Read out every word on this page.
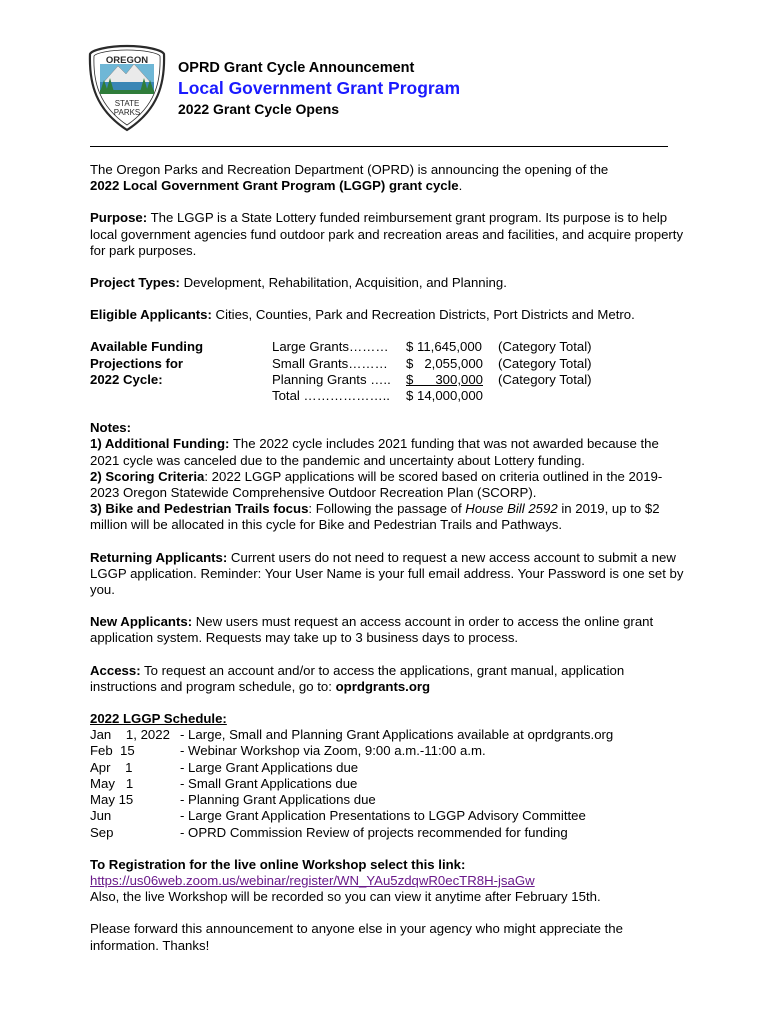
OREGON
STATE
PARKS
OPRD Grant Cycle Announcement
Local Government Grant Program
2022 Grant Cycle Opens

The Oregon Parks and Recreation Department (OPRD) is announcing the opening of the
2022 Local Government Grant Program (LGGP) grant cycle.

Purpose: The LGGP is a State Lottery funded reimbursement grant program. Its purpose is to help local government agencies fund outdoor park and recreation areas and facilities, and acquire property for park purposes.

Project Types: Development, Rehabilitation, Acquisition, and Planning.

Eligible Applicants: Cities, Counties, Park and Recreation Districts, Port Districts and Metro.

Available Funding
Projections for
2022 Cycle:
Large Grants………	$ 11,645,000	(Category Total)
Small Grants………	$   2,055,000	(Category Total)
Planning Grants …..	$      300,000	(Category Total)
Total ………………..	$ 14,000,000
Notes:
1) Additional Funding: The 2022 cycle includes 2021 funding that was not awarded because the 2021 cycle was canceled due to the pandemic and uncertainty about Lottery funding.
2) Scoring Criteria: 2022 LGGP applications will be scored based on criteria outlined in the 2019-2023 Oregon Statewide Comprehensive Outdoor Recreation Plan (SCORP).
3) Bike and Pedestrian Trails focus: Following the passage of House Bill 2592 in 2019, up to $2 million will be allocated in this cycle for Bike and Pedestrian Trails and Pathways.

Returning Applicants: Current users do not need to request a new access account to submit a new LGGP application. Reminder: Your User Name is your full email address. Your Password is one set by you.

New Applicants: New users must request an access account in order to access the online grant application system. Requests may take up to 3 business days to process.

Access: To request an account and/or to access the applications, grant manual, application instructions and program schedule, go to: oprdgrants.org

2022 LGGP Schedule:
Jan    1, 2022 - Large, Small and Planning Grant Applications available at oprdgrants.org
Feb  15	- Webinar Workshop via Zoom, 9:00 a.m.-11:00 a.m.
Apr    1	- Large Grant Applications due
May   1	- Small Grant Applications due
May 15	- Planning Grant Applications due
Jun	- Large Grant Application Presentations to LGGP Advisory Committee
Sep	- OPRD Commission Review of projects recommended for funding
To Registration for the live online Workshop select this link:
https://us06web.zoom.us/webinar/register/WN_YAu5zdqwR0ecTR8H-jsaGw
Also, the live Workshop will be recorded so you can view it anytime after February 15th.

Please forward this announcement to anyone else in your agency who might appreciate the information. Thanks!
